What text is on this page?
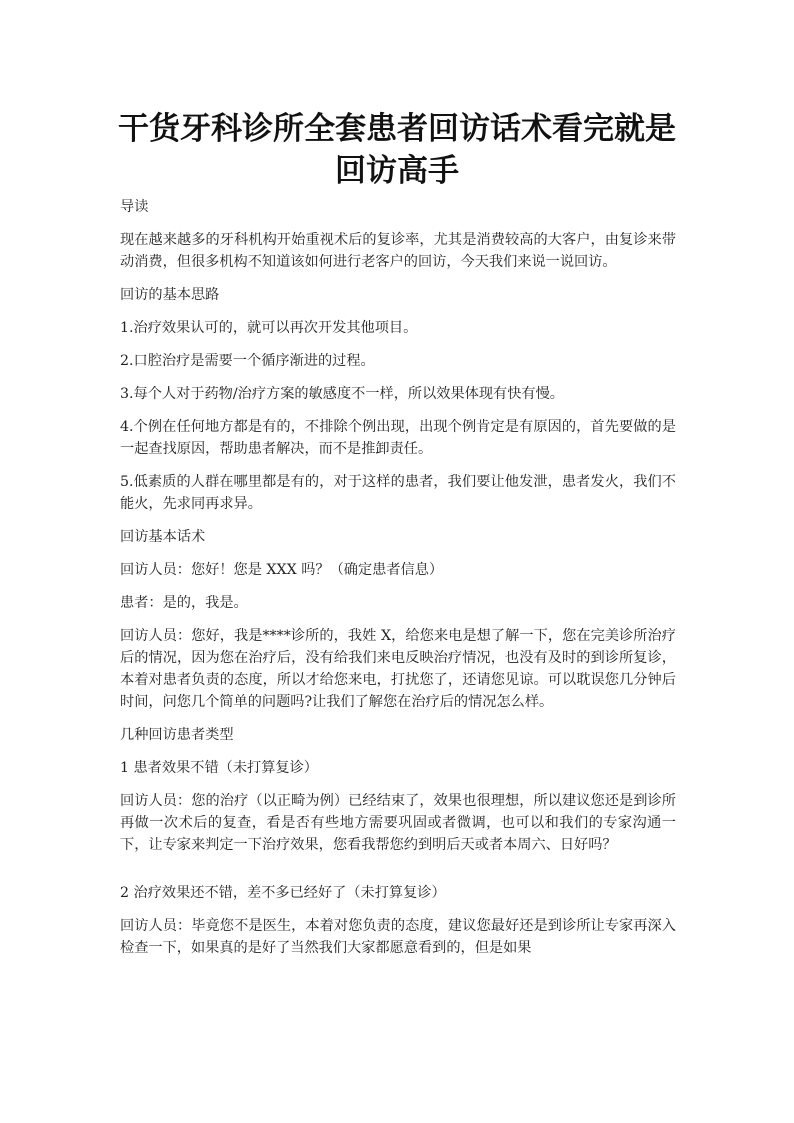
干货牙科诊所全套患者回访话术看完就是
回访高手

导读

现在越来越多的牙科机构开始重视术后的复诊率，尤其是消费较高的大客户，由复诊来带动消费，但很多机构不知道该如何进行老客户的回访，今天我们来说一说回访。

回访的基本思路

1.治疗效果认可的，就可以再次开发其他项目。

2.口腔治疗是需要一个循序渐进的过程。

3.每个人对于药物/治疗方案的敏感度不一样，所以效果体现有快有慢。

4.个例在任何地方都是有的，不排除个例出现，出现个例肯定是有原因的，首先要做的是一起查找原因，帮助患者解决，而不是推卸责任。

5.低素质的人群在哪里都是有的，对于这样的患者，我们要让他发泄，患者发火，我们不能火，先求同再求异。

回访基本话术

回访人员：您好！您是 XXX 吗？（确定患者信息）

患者：是的，我是。

回访人员：您好，我是****诊所的，我姓 X，给您来电是想了解一下，您在完美诊所治疗后的情况，因为您在治疗后，没有给我们来电反映治疗情况，也没有及时的到诊所复诊，本着对患者负责的态度，所以才给您来电，打扰您了，还请您见谅。可以耽误您几分钟后时间，问您几个简单的问题吗?让我们了解您在治疗后的情况怎么样。

几种回访患者类型

1 患者效果不错（未打算复诊）

回访人员：您的治疗（以正畸为例）已经结束了，效果也很理想，所以建议您还是到诊所再做一次术后的复查，看是否有些地方需要巩固或者微调，也可以和我们的专家沟通一下，让专家来判定一下治疗效果，您看我帮您约到明后天或者本周六、日好吗？

2 治疗效果还不错，差不多已经好了（未打算复诊）

回访人员：毕竟您不是医生，本着对您负责的态度，建议您最好还是到诊所让专家再深入检查一下，如果真的是好了当然我们大家都愿意看到的，但是如果
